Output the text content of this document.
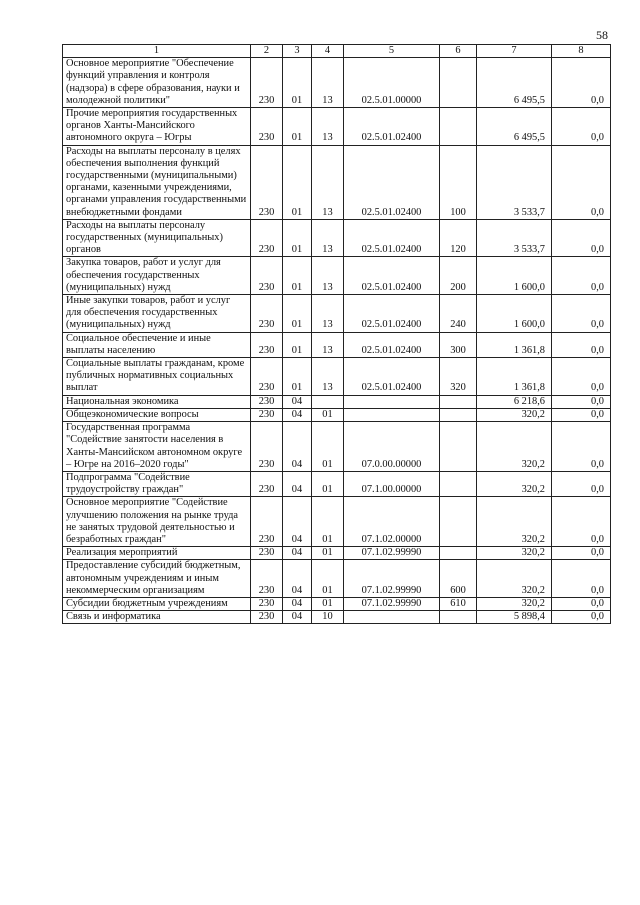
58
1	2	3	4	5	6	7	8
Основное мероприятие "Обеспечение функций управления и контроля (надзора) в сфере образования, науки и молодежной политики"	230	01	13	02.5.01.00000		6 495,5	0,0
Прочие мероприятия государственных органов Ханты-Мансийского автономного округа – Югры	230	01	13	02.5.01.02400		6 495,5	0,0
Расходы на выплаты персоналу в целях обеспечения выполнения функций государственными (муниципальными) органами, казенными учреждениями, органами управления государственными внебюджетными фондами	230	01	13	02.5.01.02400	100	3 533,7	0,0
Расходы на выплаты персоналу государственных (муниципальных) органов	230	01	13	02.5.01.02400	120	3 533,7	0,0
Закупка товаров, работ и услуг для обеспечения государственных (муниципальных) нужд	230	01	13	02.5.01.02400	200	1 600,0	0,0
Иные закупки товаров, работ и услуг для обеспечения государственных (муниципальных) нужд	230	01	13	02.5.01.02400	240	1 600,0	0,0
Социальное обеспечение и иные выплаты населению	230	01	13	02.5.01.02400	300	1 361,8	0,0
Социальные выплаты гражданам, кроме публичных нормативных социальных выплат	230	01	13	02.5.01.02400	320	1 361,8	0,0
Национальная экономика	230	04				6 218,6	0,0
Общеэкономические вопросы	230	04	01			320,2	0,0
Государственная программа "Содействие занятости населения в Ханты-Мансийском автономном округе – Югре на 2016–2020 годы"	230	04	01	07.0.00.00000		320,2	0,0
Подпрограмма "Содействие трудоустройству граждан"	230	04	01	07.1.00.00000		320,2	0,0
Основное мероприятие "Содействие улучшению положения на рынке труда не занятых трудовой деятельностью и безработных граждан"	230	04	01	07.1.02.00000		320,2	0,0
Реализация мероприятий	230	04	01	07.1.02.99990		320,2	0,0
Предоставление субсидий бюджетным, автономным учреждениям и иным некоммерческим организациям	230	04	01	07.1.02.99990	600	320,2	0,0
Субсидии бюджетным учреждениям	230	04	01	07.1.02.99990	610	320,2	0,0
Связь и информатика	230	04	10			5 898,4	0,0
